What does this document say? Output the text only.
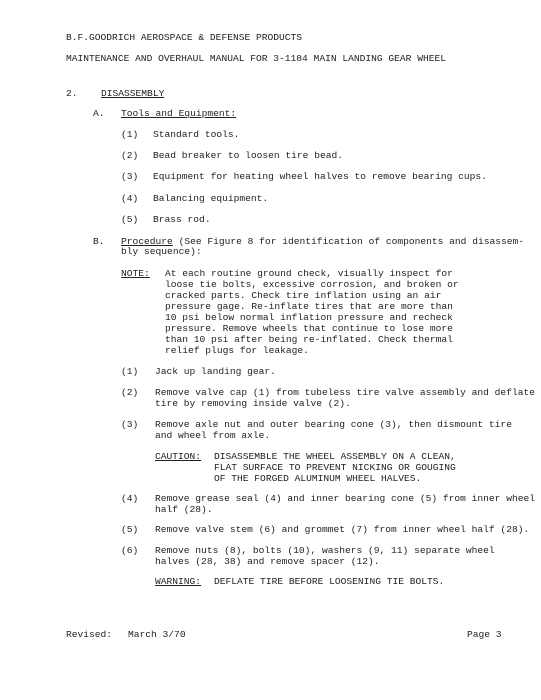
B.F.GOODRICH AEROSPACE & DEFENSE PRODUCTS
MAINTENANCE AND OVERHAUL MANUAL FOR 3-1184 MAIN LANDING GEAR WHEEL
2. DISASSEMBLY
A. Tools and Equipment:
(1) Standard tools.
(2) Bead breaker to loosen tire bead.
(3) Equipment for heating wheel halves to remove bearing cups.
(4) Balancing equipment.
(5) Brass rod.
B. Procedure (See Figure 8 for identification of components and disassem-
bly sequence):
NOTE: At each routine ground check, visually inspect for
loose tie bolts, excessive corrosion, and broken or
cracked parts. Check tire inflation using an air
pressure gage. Re-inflate tires that are more than
10 psi below normal inflation pressure and recheck
pressure. Remove wheels that continue to lose more
than 10 psi after being re-inflated. Check thermal
relief plugs for leakage.
(1) Jack up landing gear.
(2) Remove valve cap (1) from tubeless tire valve assembly and deflate
tire by removing inside valve (2).
(3) Remove axle nut and outer bearing cone (3), then dismount tire
and wheel from axle.
CAUTION: DISASSEMBLE THE WHEEL ASSEMBLY ON A CLEAN,
FLAT SURFACE TO PREVENT NICKING OR GOUGING
OF THE FORGED ALUMINUM WHEEL HALVES.
(4) Remove grease seal (4) and inner bearing cone (5) from inner wheel
half (28).
(5) Remove valve stem (6) and grommet (7) from inner wheel half (28).
(6) Remove nuts (8), bolts (10), washers (9, 11) separate wheel
halves (28, 38) and remove spacer (12).
WARNING: DEFLATE TIRE BEFORE LOOSENING TIE BOLTS.
Revised: March 3/70	Page 3
